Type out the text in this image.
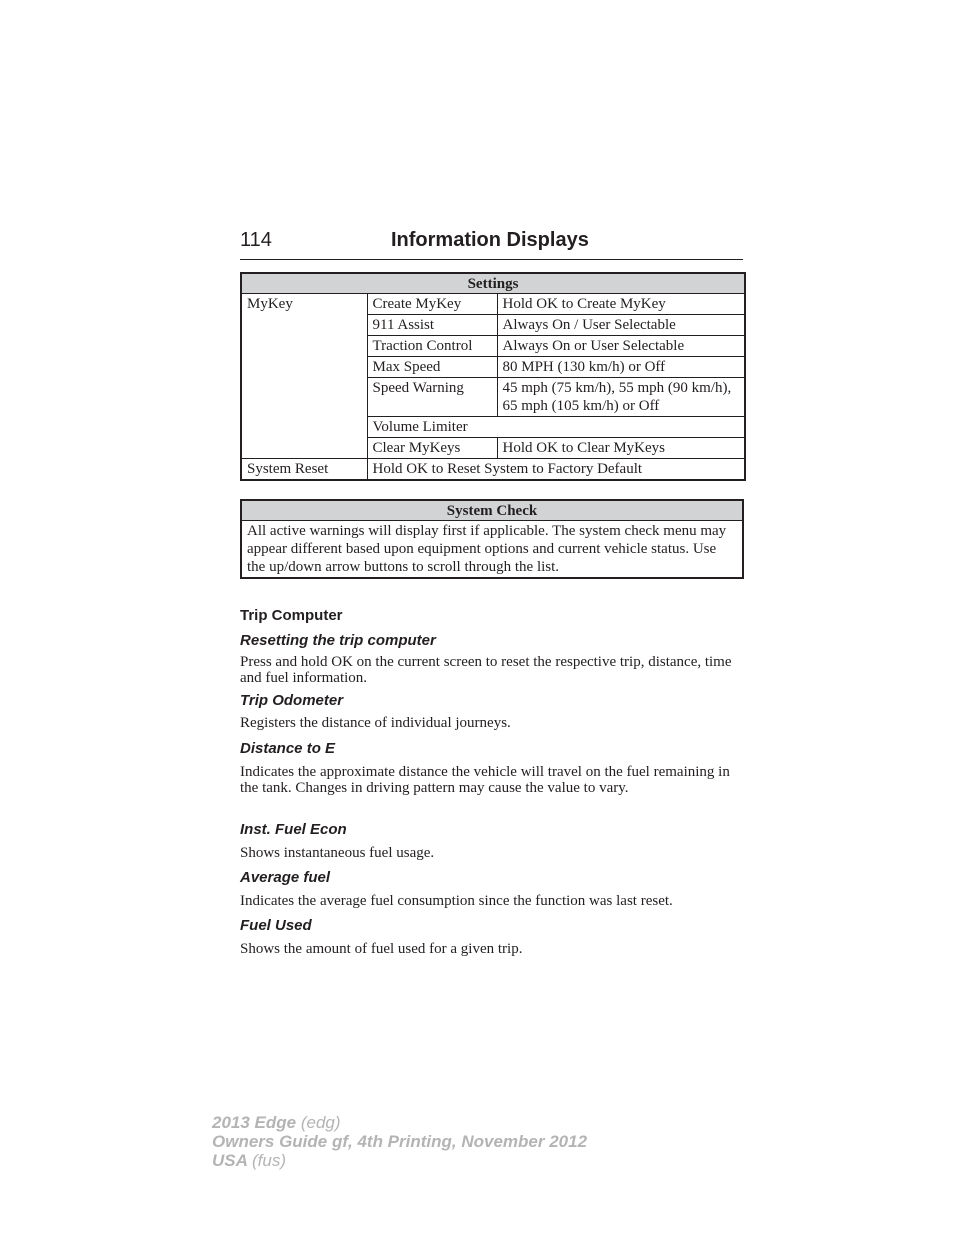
114	Information Displays
Settings		
MyKey	Create MyKey	Hold OK to Create MyKey
	911 Assist	Always On / User Selectable
	Traction Control	Always On or User Selectable
	Max Speed	80 MPH (130 km/h) or Off
	Speed Warning	45 mph (75 km/h), 55 mph (90 km/h), 65 mph (105 km/h) or Off
	Volume Limiter	
	Clear MyKeys	Hold OK to Clear MyKeys
System Reset	Hold OK to Reset System to Factory Default	
System Check
All active warnings will display first if applicable. The system check menu may appear different based upon equipment options and current vehicle status. Use the up/down arrow buttons to scroll through the list.
Trip Computer
Resetting the trip computer
Press and hold OK on the current screen to reset the respective trip, distance, time and fuel information.
Trip Odometer
Registers the distance of individual journeys.
Distance to E
Indicates the approximate distance the vehicle will travel on the fuel remaining in the tank. Changes in driving pattern may cause the value to vary.
Inst. Fuel Econ
Shows instantaneous fuel usage.
Average fuel
Indicates the average fuel consumption since the function was last reset.
Fuel Used
Shows the amount of fuel used for a given trip.
2013 Edge (edg)
Owners Guide gf, 4th Printing, November 2012
USA (fus)
